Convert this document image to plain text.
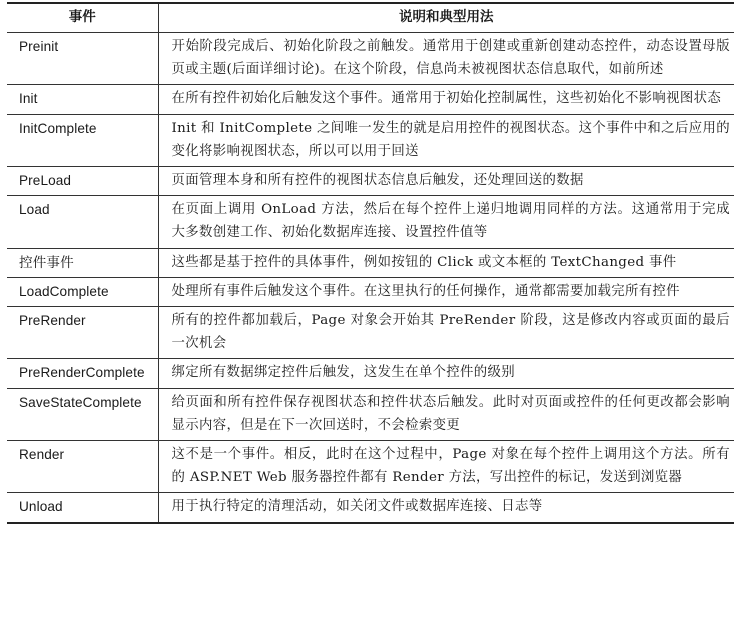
事件	说明和典型用法
Preinit	开始阶段完成后、初始化阶段之前触发。通常用于创建或重新创建动态控件，动态设置母版页或主题(后面详细讨论)。在这个阶段，信息尚未被视图状态信息取代，如前所述
Init	在所有控件初始化后触发这个事件。通常用于初始化控制属性，这些初始化不影响视图状态
InitComplete	Init 和 InitComplete 之间唯一发生的就是启用控件的视图状态。这个事件中和之后应用的变化将影响视图状态，所以可以用于回送
PreLoad	页面管理本身和所有控件的视图状态信息后触发，还处理回送的数据
Load	在页面上调用 OnLoad 方法，然后在每个控件上递归地调用同样的方法。这通常用于完成大多数创建工作、初始化数据库连接、设置控件值等
控件事件	这些都是基于控件的具体事件，例如按钮的 Click 或文本框的 TextChanged 事件
LoadComplete	处理所有事件后触发这个事件。在这里执行的任何操作，通常都需要加载完所有控件
PreRender	所有的控件都加载后，Page 对象会开始其 PreRender 阶段，这是修改内容或页面的最后一次机会
PreRenderComplete	绑定所有数据绑定控件后触发，这发生在单个控件的级别
SaveStateComplete	给页面和所有控件保存视图状态和控件状态后触发。此时对页面或控件的任何更改都会影响显示内容，但是在下一次回送时，不会检索变更
Render	这不是一个事件。相反，此时在这个过程中，Page 对象在每个控件上调用这个方法。所有的 ASP.NET Web 服务器控件都有 Render 方法，写出控件的标记，发送到浏览器
Unload	用于执行特定的清理活动，如关闭文件或数据库连接、日志等
